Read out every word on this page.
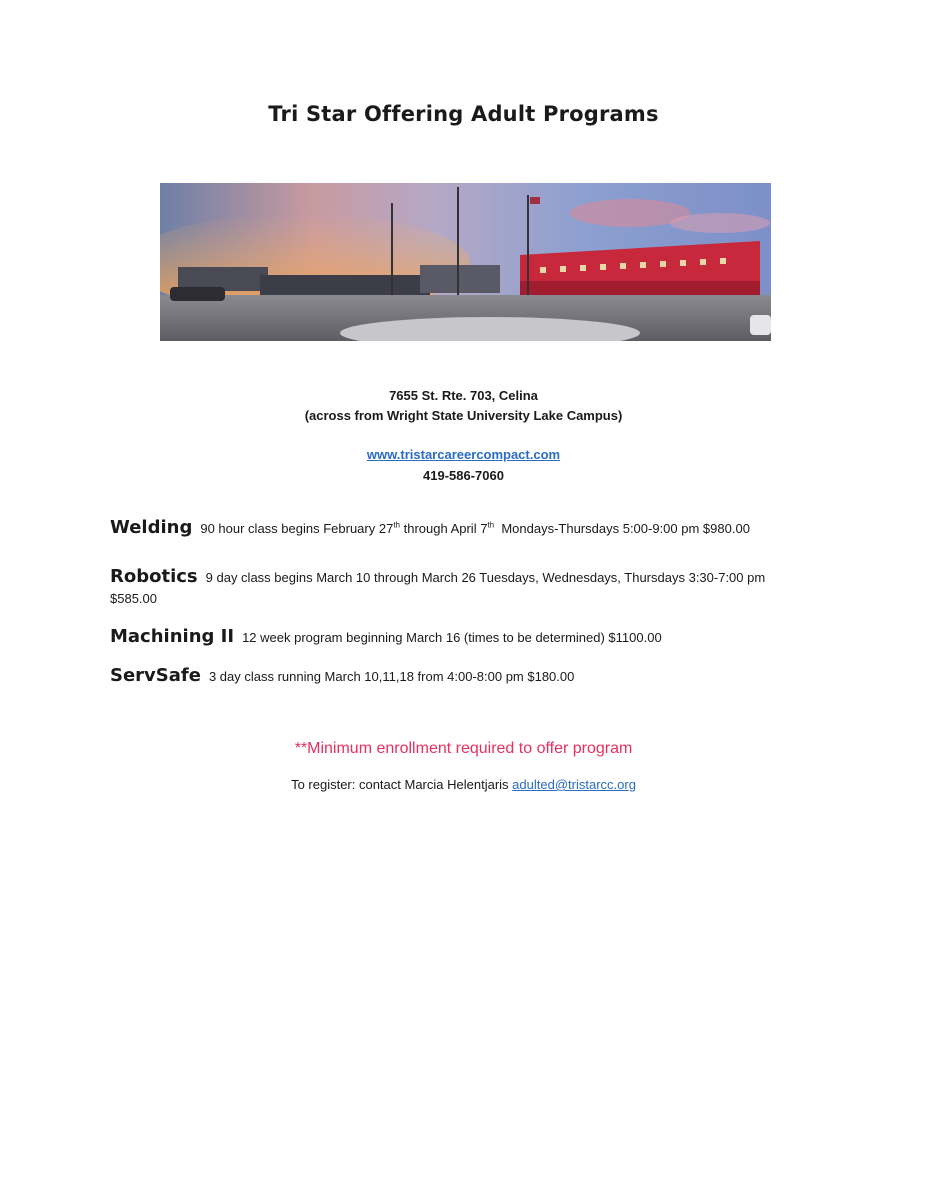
Tri Star Offering Adult Programs
7655 St. Rte. 703, Celina
(across from Wright State University Lake Campus)
www.tristarcareercompact.com
419-586-7060
Welding 90 hour class begins February 27th through April 7th  Mondays-Thursdays 5:00-9:00 pm $980.00
Robotics 9 day class begins March 10 through March 26 Tuesdays, Wednesdays, Thursdays 3:30-7:00 pm $585.00
Machining II 12 week program beginning March 16 (times to be determined) $1100.00
ServSafe 3 day class running March 10,11,18 from 4:00-8:00 pm $180.00
**Minimum enrollment required to offer program
To register: contact Marcia Helentjaris adulted@tristarcc.org
